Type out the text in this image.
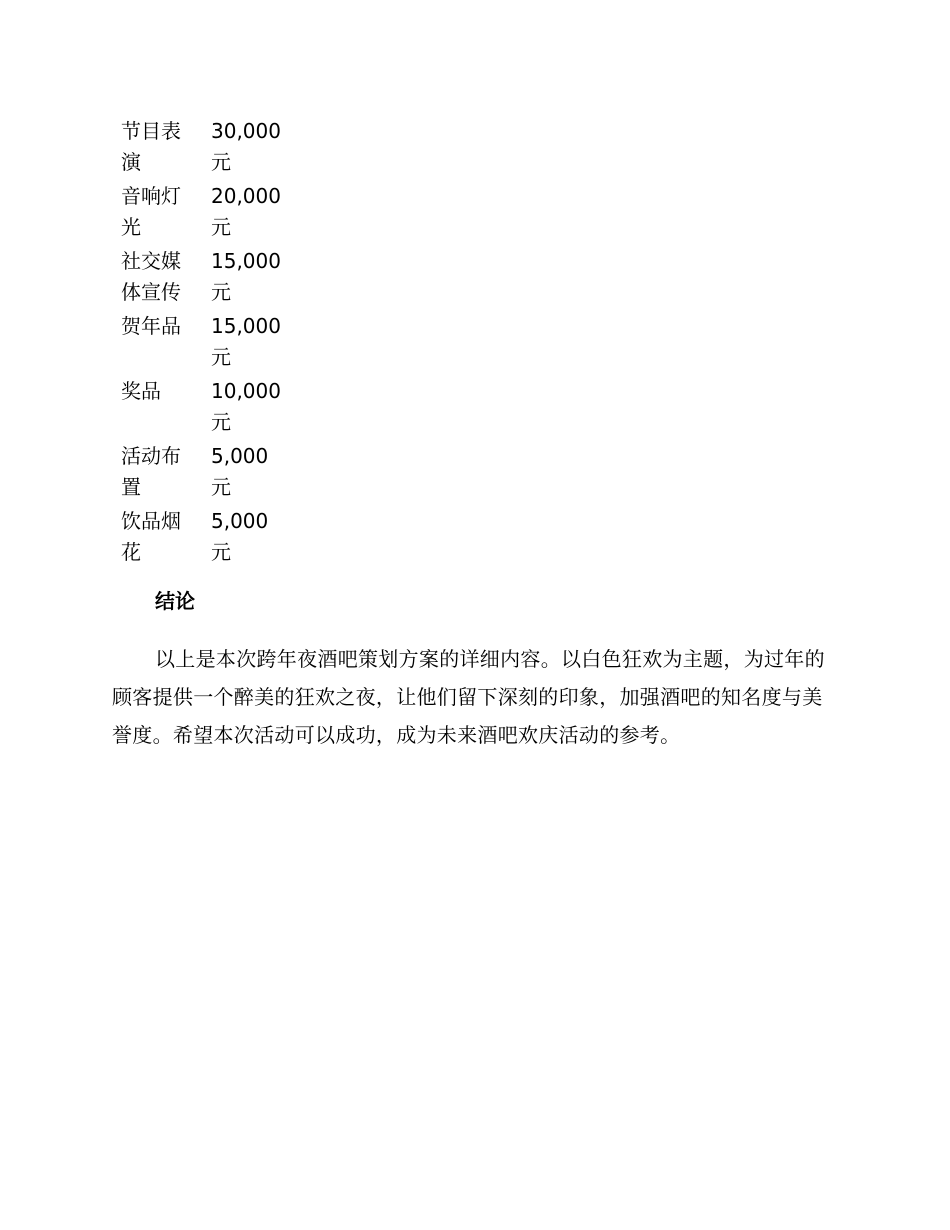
节目表演	30,000元
音响灯光	20,000元
社交媒体宣传	15,000元
贺年品	15,000元
奖品	10,000元
活动布置	5,000元
饮品烟花	5,000元
结论

以上是本次跨年夜酒吧策划方案的详细内容。以白色狂欢为主题，为过年的顾客提供一个醉美的狂欢之夜，让他们留下深刻的印象，加强酒吧的知名度与美誉度。希望本次活动可以成功，成为未来酒吧欢庆活动的参考。
